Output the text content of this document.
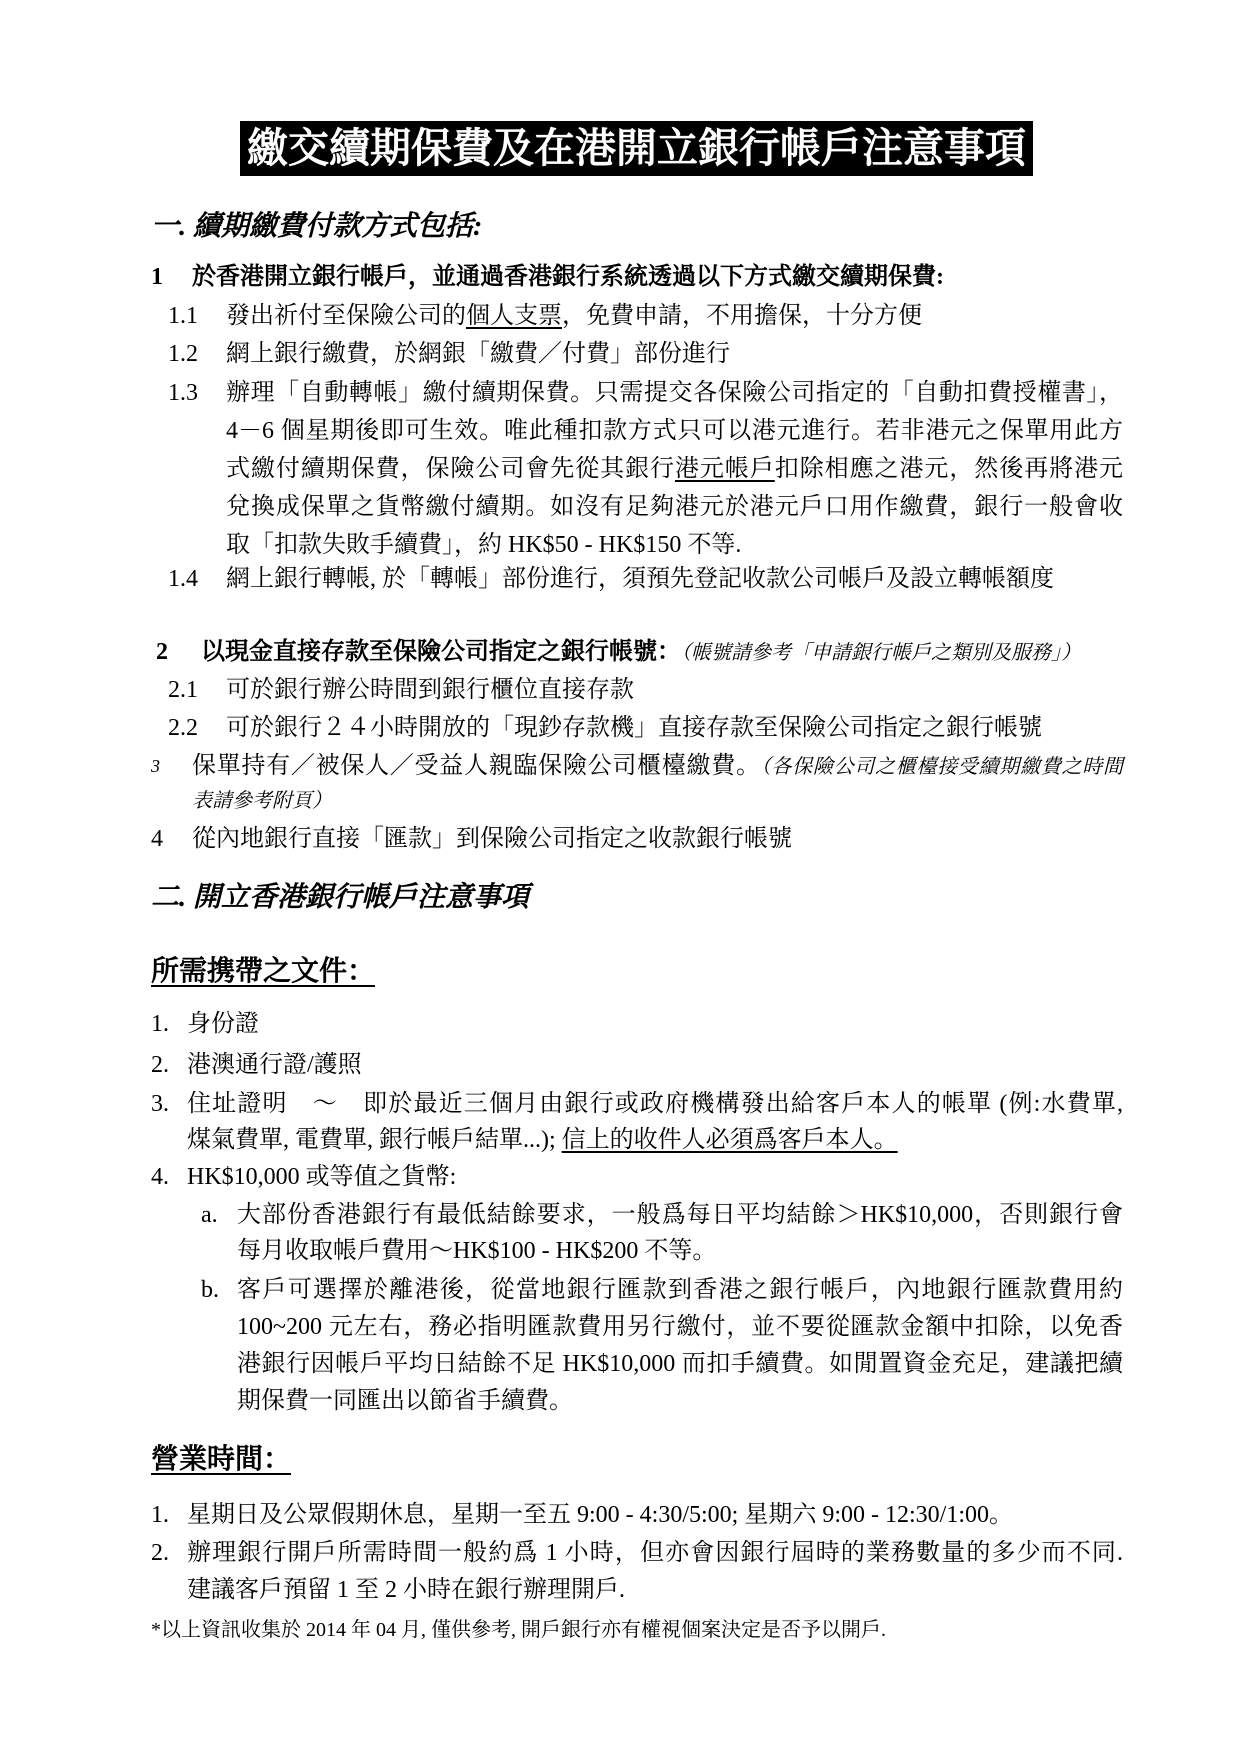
繳交續期保費及在港開立銀行帳戶注意事項
一. 續期繳費付款方式包括:
1 於香港開立銀行帳戶，並通過香港銀行系統透過以下方式繳交續期保費:
1.1 發出祈付至保險公司的個人支票，免費申請，不用擔保，十分方便
1.2 網上銀行繳費，於網銀「繳費／付費」部份進行
1.3 辦理「自動轉帳」繳付續期保費。只需提交各保險公司指定的「自動扣費授權書」，
4－6 個星期後即可生效。唯此種扣款方式只可以港元進行。若非港元之保單用此方
式繳付續期保費，保險公司會先從其銀行港元帳戶扣除相應之港元，然後再將港元
兌換成保單之貨幣繳付續期。如沒有足夠港元於港元戶口用作繳費，銀行一般會收
取「扣款失敗手續費」，約 HK$50 - HK$150 不等.
1.4 網上銀行轉帳, 於「轉帳」部份進行，須預先登記收款公司帳戶及設立轉帳額度
2 以現金直接存款至保險公司指定之銀行帳號：（帳號請參考「申請銀行帳戶之類別及服務」）
2.1 可於銀行辦公時間到銀行櫃位直接存款
2.2 可於銀行２４小時開放的「現鈔存款機」直接存款至保險公司指定之銀行帳號
3 保單持有／被保人／受益人親臨保險公司櫃檯繳費。（各保險公司之櫃檯接受續期繳費之時間
表請參考附頁）
4 從內地銀行直接「匯款」到保險公司指定之收款銀行帳號
二. 開立香港銀行帳戶注意事項
所需携帶之文件：
1. 身份證
2. 港澳通行證/護照
3. 住址證明　～　即於最近三個月由銀行或政府機構發出給客戶本人的帳單 (例:水費單,
煤氣費單, 電費單, 銀行帳戶結單...); 信上的收件人必須爲客戶本人。
4. HK$10,000 或等值之貨幣:
a. 大部份香港銀行有最低結餘要求，一般爲每日平均結餘＞HK$10,000，否則銀行會
每月收取帳戶費用～HK$100 - HK$200 不等。
b. 客戶可選擇於離港後，從當地銀行匯款到香港之銀行帳戶，內地銀行匯款費用約
100~200 元左右，務必指明匯款費用另行繳付，並不要從匯款金額中扣除，以免香
港銀行因帳戶平均日結餘不足 HK$10,000 而扣手續費。如閒置資金充足，建議把續
期保費一同匯出以節省手續費。
營業時間：
1. 星期日及公眾假期休息，星期一至五 9:00 - 4:30/5:00; 星期六 9:00 - 12:30/1:00。
2. 辦理銀行開戶所需時間一般約爲 1 小時，但亦會因銀行屆時的業務數量的多少而不同.
建議客戶預留 1 至 2 小時在銀行辦理開戶.
*以上資訊收集於 2014 年 04 月, 僅供參考, 開戶銀行亦有權視個案決定是否予以開戶.
